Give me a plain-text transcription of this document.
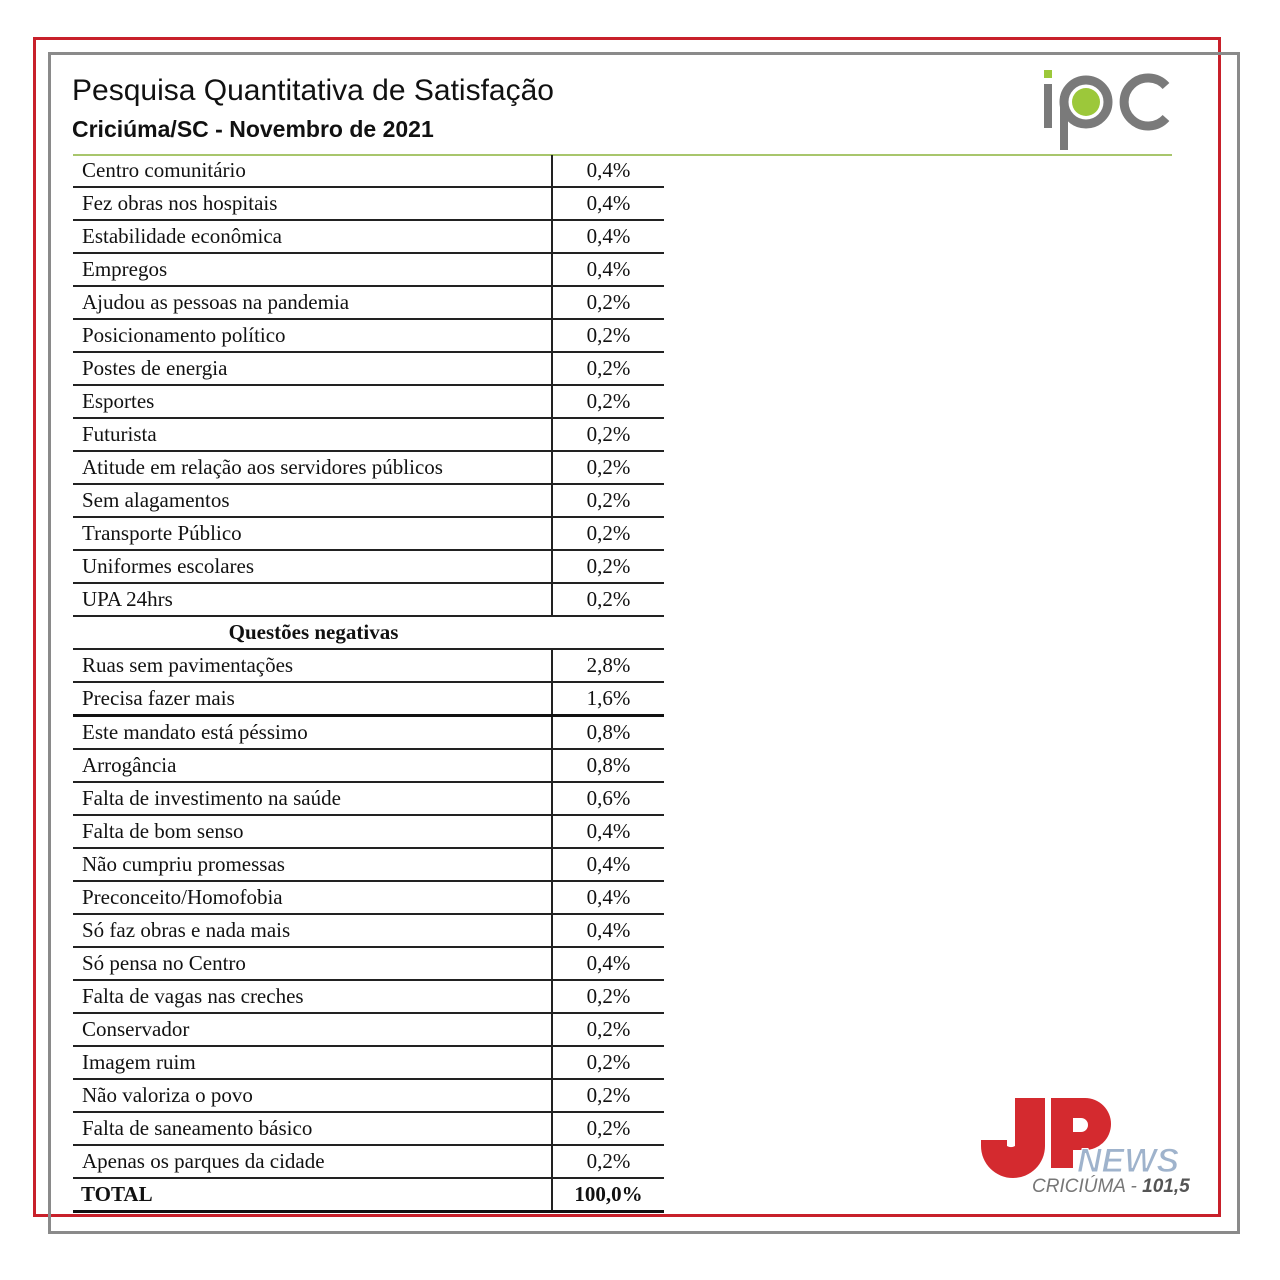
Pesquisa Quantitativa de Satisfação
Criciúma/SC - Novembro de 2021
Centro comunitário	0,4%
Fez obras nos hospitais	0,4%
Estabilidade econômica	0,4%
Empregos	0,4%
Ajudou as pessoas na pandemia	0,2%
Posicionamento político	0,2%
Postes de energia	0,2%
Esportes	0,2%
Futurista	0,2%
Atitude em relação aos servidores públicos	0,2%
Sem alagamentos	0,2%
Transporte Público	0,2%
Uniformes escolares	0,2%
UPA 24hrs	0,2%
Questões negativas
Ruas sem pavimentações	2,8%
Precisa fazer mais	1,6%
Este mandato está péssimo	0,8%
Arrogância	0,8%
Falta de investimento na saúde	0,6%
Falta de bom senso	0,4%
Não cumpriu promessas	0,4%
Preconceito/Homofobia	0,4%
Só faz obras e nada mais	0,4%
Só pensa no Centro	0,4%
Falta de vagas nas creches	0,2%
Conservador	0,2%
Imagem ruim	0,2%
Não valoriza o povo	0,2%
Falta de saneamento básico	0,2%
Apenas os parques da cidade	0,2%
TOTAL	100,0%
NEWS
CRICIÚMA - 101,5
